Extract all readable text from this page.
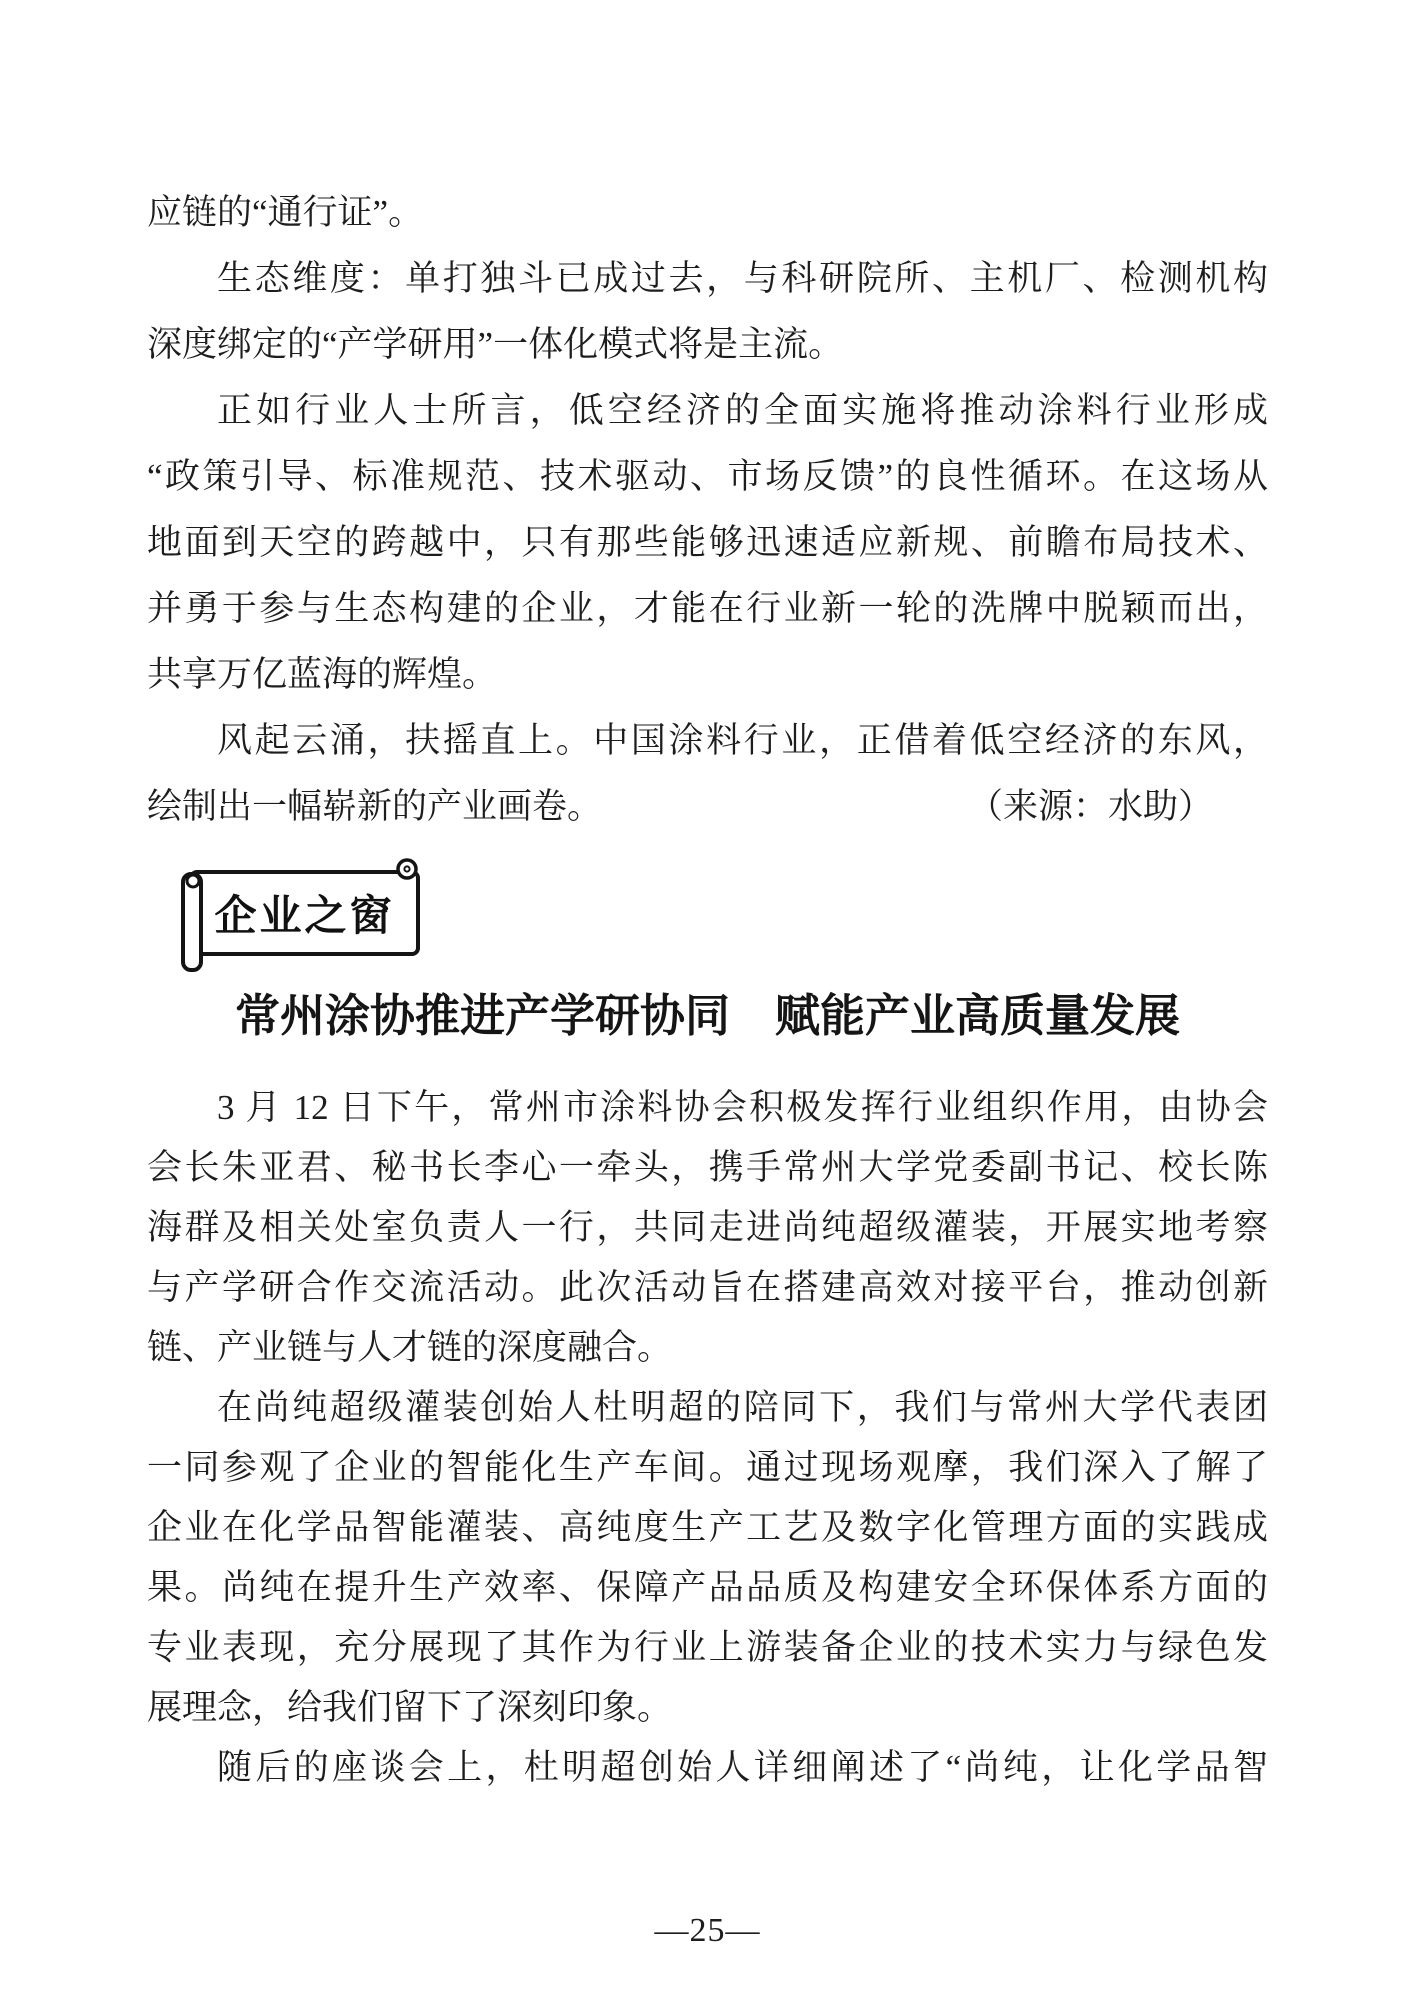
应链的“通行证”。
生态维度：单打独斗已成过去，与科研院所、主机厂、检测机构
深度绑定的“产学研用”一体化模式将是主流。
正如行业人士所言，低空经济的全面实施将推动涂料行业形成
“政策引导、标准规范、技术驱动、市场反馈”的良性循环。在这场从
地面到天空的跨越中，只有那些能够迅速适应新规、前瞻布局技术、
并勇于参与生态构建的企业，才能在行业新一轮的洗牌中脱颖而出，
共享万亿蓝海的辉煌。
风起云涌，扶摇直上。中国涂料行业，正借着低空经济的东风，
绘制出一幅崭新的产业画卷。	（来源：水助）
企业之窗
常州涂协推进产学研协同　赋能产业高质量发展
3 月 12 日下午，常州市涂料协会积极发挥行业组织作用，由协会
会长朱亚君、秘书长李心一牵头，携手常州大学党委副书记、校长陈
海群及相关处室负责人一行，共同走进尚纯超级灌装，开展实地考察
与产学研合作交流活动。此次活动旨在搭建高效对接平台，推动创新
链、产业链与人才链的深度融合。
在尚纯超级灌装创始人杜明超的陪同下，我们与常州大学代表团
一同参观了企业的智能化生产车间。通过现场观摩，我们深入了解了
企业在化学品智能灌装、高纯度生产工艺及数字化管理方面的实践成
果。尚纯在提升生产效率、保障产品品质及构建安全环保体系方面的
专业表现，充分展现了其作为行业上游装备企业的技术实力与绿色发
展理念，给我们留下了深刻印象。
随后的座谈会上，杜明超创始人详细阐述了“尚纯，让化学品智
—25—
